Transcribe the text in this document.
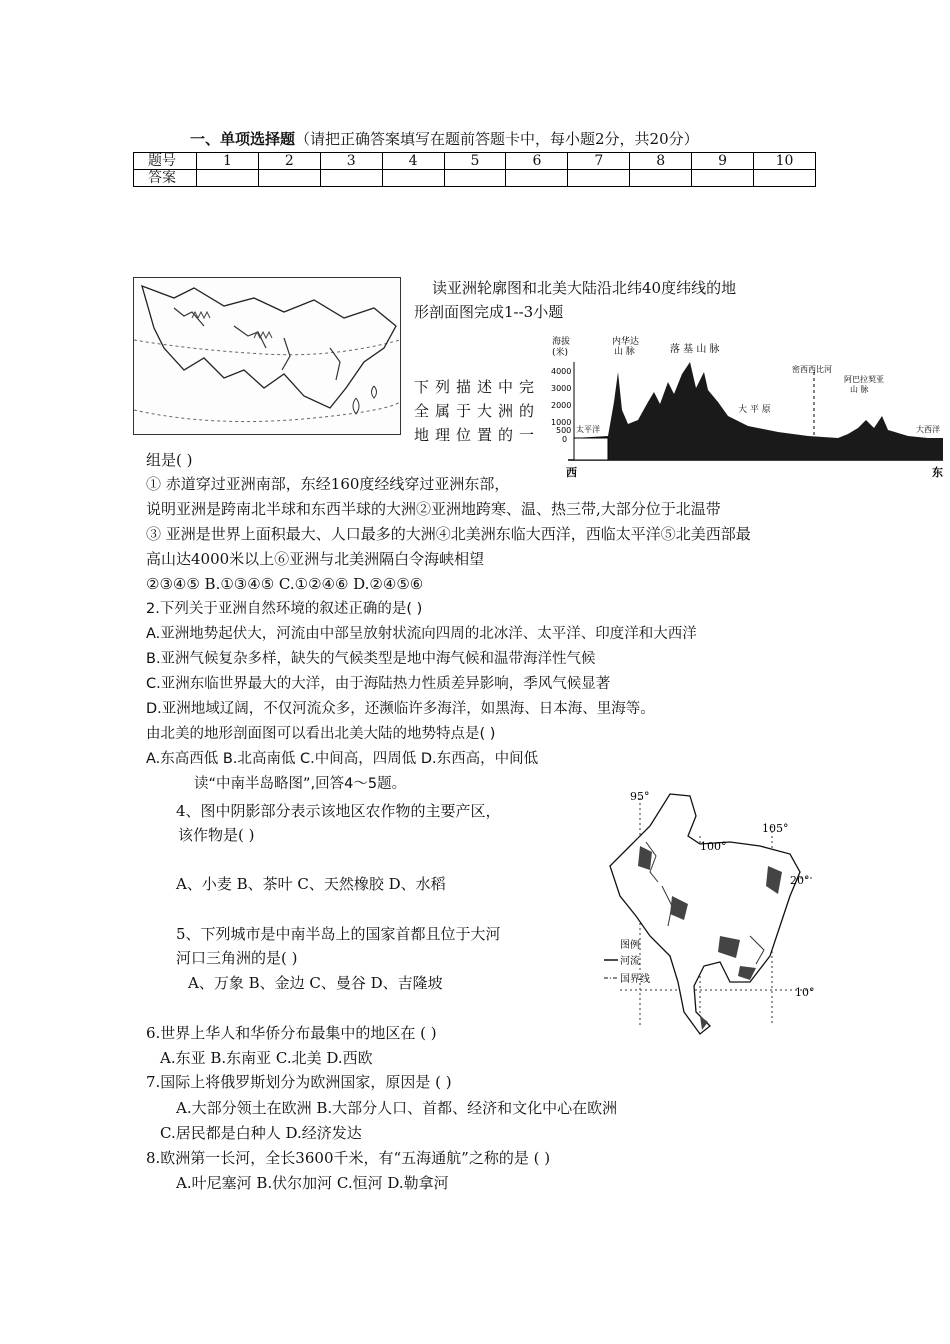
一、单项选择题（请把正确答案填写在题前答题卡中，每小题2分，共20分）
题号	1	2	3	4	5	6	7	8	9	10
答案										
读亚洲轮廓图和北美大陆沿北纬40度纬线的地
形剖面图完成1--3小题
下列描述中完
全属于大洲的
地理位置的一
海拔
(米)
4000
3000
2000
1000
500
0
内华达
山 脉	落 基 山 脉
大 平 原
密西西比河
阿巴拉契亚
山 脉
太平洋	大西洋
西	东
组是( )
① 赤道穿过亚洲南部，东经160度经线穿过亚洲东部，
说明亚洲是跨南北半球和东西半球的大洲②亚洲地跨寒、温、热三带,大部分位于北温带
③ 亚洲是世界上面积最大、人口最多的大洲④北美洲东临大西洋，西临太平洋⑤北美西部最
高山达4000米以上⑥亚洲与北美洲隔白令海峡相望
②③④⑤ B.①③④⑤ C.①②④⑥ D.②④⑤⑥
2.下列关于亚洲自然环境的叙述正确的是( )
A.亚洲地势起伏大，河流由中部呈放射状流向四周的北冰洋、太平洋、印度洋和大西洋
B.亚洲气候复杂多样，缺失的气候类型是地中海气候和温带海洋性气候
C.亚洲东临世界最大的大洋，由于海陆热力性质差异影响，季风气候显著
D.亚洲地域辽阔，不仅河流众多，还濒临许多海洋，如黑海、日本海、里海等。
由北美的地形剖面图可以看出北美大陆的地势特点是( )
A.东高西低 B.北高南低 C.中间高，四周低 D.东西高，中间低
读“中南半岛略图”,回答4～5题。
4、图中阴影部分表示该地区农作物的主要产区，
该作物是( )
A、小麦 B、茶叶 C、天然橡胶 D、水稻
5、下列城市是中南半岛上的国家首都且位于大河
河口三角洲的是( )
A、万象 B、金边 C、曼谷 D、吉隆坡
95°
100°
105°
20°
10°
图例
河流
国界线
6.世界上华人和华侨分布最集中的地区在 ( )
A.东亚 B.东南亚 C.北美 D.西欧
7.国际上将俄罗斯划分为欧洲国家，原因是 ( )
A.大部分领土在欧洲 B.大部分人口、首都、经济和文化中心在欧洲
C.居民都是白种人 D.经济发达
8.欧洲第一长河，全长3600千米，有“五海通航”之称的是 ( )
A.叶尼塞河 B.伏尔加河 C.恒河 D.勒拿河
